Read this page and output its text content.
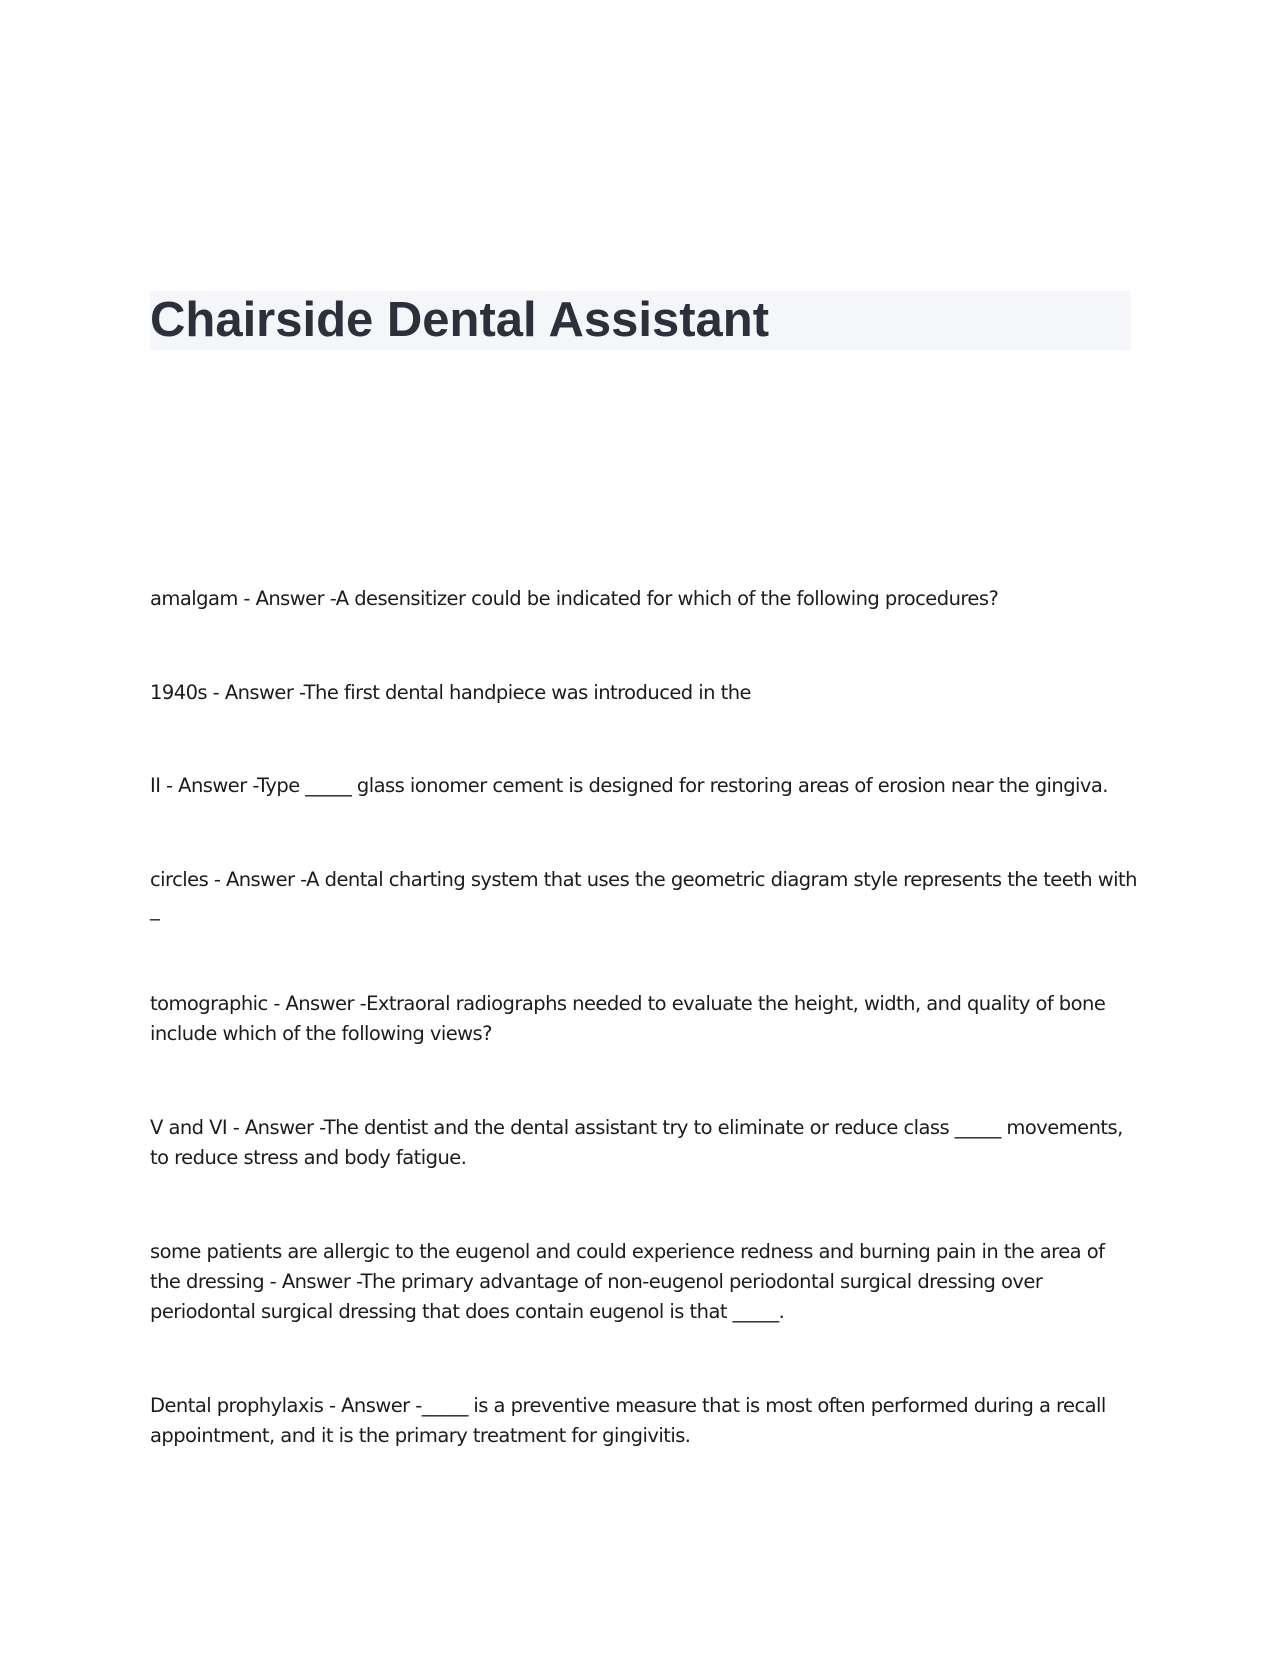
Chairside Dental Assistant
amalgam - Answer -A desensitizer could be indicated for which of the following procedures?
1940s - Answer -The first dental handpiece was introduced in the
II - Answer -Type _____ glass ionomer cement is designed for restoring areas of erosion near the gingiva.
circles - Answer -A dental charting system that uses the geometric diagram style represents the teeth with _
tomographic - Answer -Extraoral radiographs needed to evaluate the height, width, and quality of bone include which of the following views?
V and VI - Answer -The dentist and the dental assistant try to eliminate or reduce class _____ movements, to reduce stress and body fatigue.
some patients are allergic to the eugenol and could experience redness and burning pain in the area of the dressing - Answer -The primary advantage of non-eugenol periodontal surgical dressing over periodontal surgical dressing that does contain eugenol is that _____.
Dental prophylaxis - Answer -_____ is a preventive measure that is most often performed during a recall appointment, and it is the primary treatment for gingivitis.
